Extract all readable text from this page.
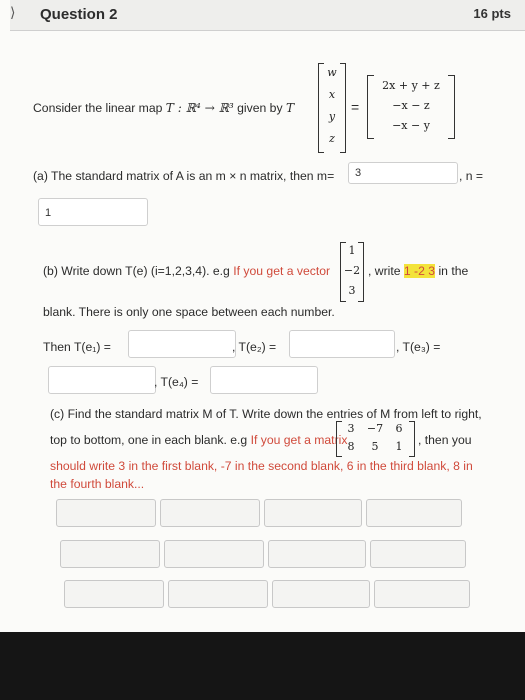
⟩ Question 2	16 pts
Consider the linear map T : ℝ⁴ → ℝ³ given by T
w
x
y
z
=
2x + y + z
−x − z
−x − y
(a) The standard matrix of A is an m × n matrix, then m=	3	, n =
1
(b) Write down T(e) (i=1,2,3,4). e.g If you get a vector
1
−2
3
, write 1 -2 3 in the
blank. There is only one space between each number.
Then T(e₁) =	, T(e₂) =	, T(e₃) =
, T(e₄) =
(c) Find the standard matrix M of T. Write down the entries of M from left to right,
top to bottom, one in each blank. e.g If you get a matrix
3	−7	6
8	5	1	, then you
should write 3 in the first blank, -7 in the second blank, 6 in the third blank, 8 in
the fourth blank...
